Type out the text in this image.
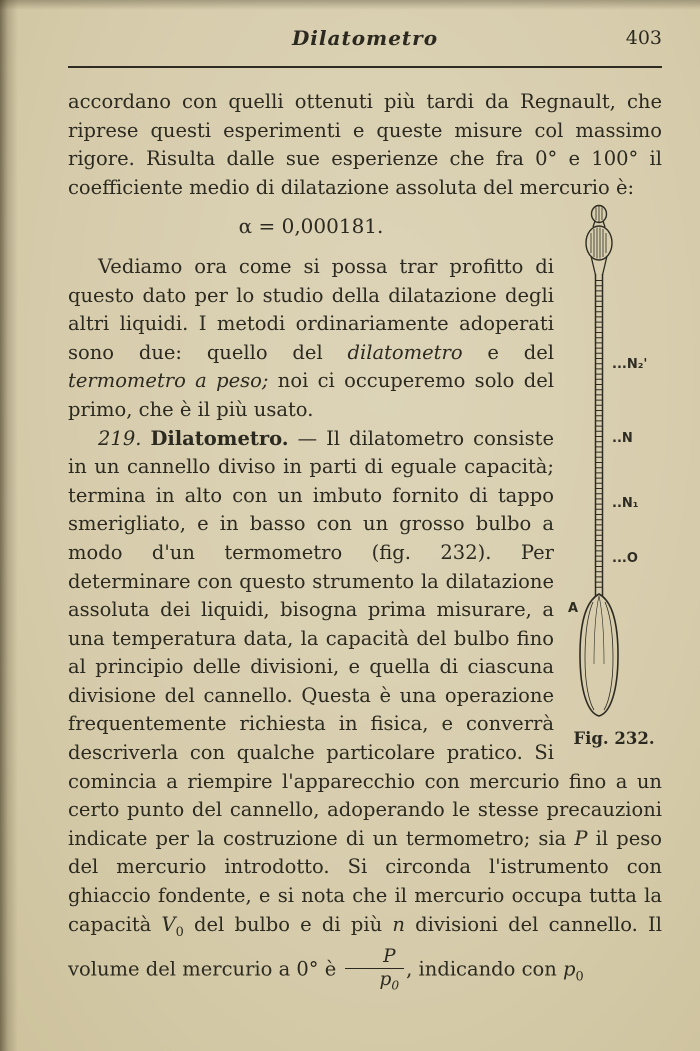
Dilatometro	403

accordano con quelli ottenuti più tardi da Regnault, che riprese questi esperimenti e queste misure col massimo rigore. Risulta dalle sue esperienze che fra 0° e 100° il coefficiente medio di dilatazione assoluta del mercurio è:

...N₂'
..N
..N₁
...O
A
Fig. 232.
α = 0,000181.

Vediamo ora come si possa trar profitto di questo dato per lo studio della dilatazione degli altri liquidi. I metodi ordinariamente adoperati sono due: quello del dilatometro e del termometro a peso; noi ci occuperemo solo del primo, che è il più usato.

219. Dilatometro. — Il dilatometro consiste in un cannello diviso in parti di eguale capacità; termina in alto con un imbuto fornito di tappo smerigliato, e in basso con un grosso bulbo a modo d'un termometro (fig. 232). Per determinare con questo strumento la dilatazione assoluta dei liquidi, bisogna prima misurare, a una temperatura data, la capacità del bulbo fino al principio delle divisioni, e quella di ciascuna divisione del cannello. Questa è una operazione frequentemente richiesta in fisica, e converrà descriverla con qualche particolare pratico. Si comincia a riempire l'apparecchio con mercurio fino a un certo punto del cannello, adoperando le stesse precauzioni indicate per la costruzione di un termometro; sia P il peso del mercurio introdotto. Si circonda l'istrumento con ghiaccio fondente, e si nota che il mercurio occupa tutta la capacità $V_0$ del bulbo e di più n divisioni del cannello. Il volume del mercurio a 0° è $\frac{P}{p_0}$ , indicando con $p_0$
